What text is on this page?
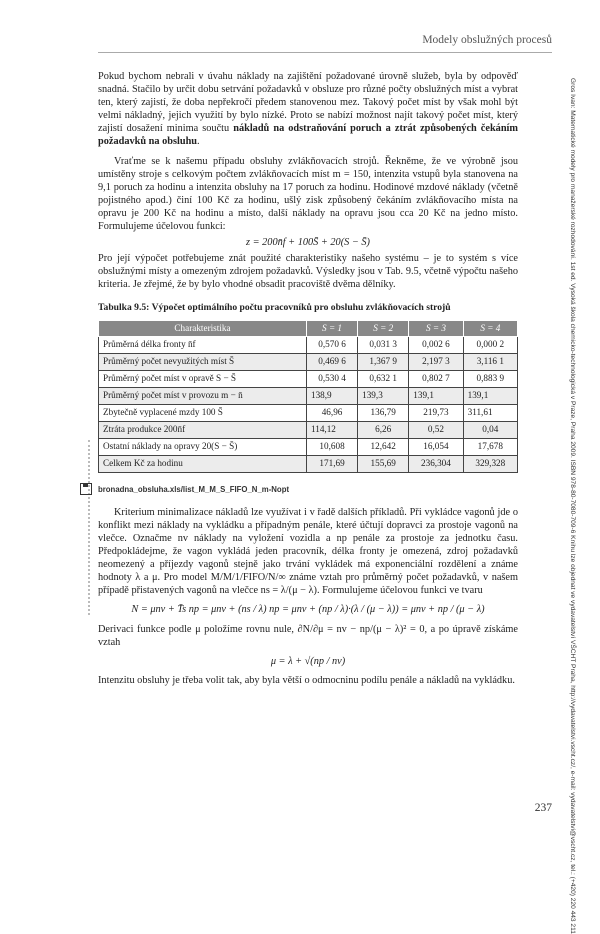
Modely obslužných procesů
Gros Ivan: Matematické modely pro manažerské rozhodování. 1st ed. Vysoká škola chemicko-technologická v Praze, Praha 2009. ISBN 978-80-7080-709-6 Knihu lze objednat ve vydavatelství VŠCHT Praha, http://vydavatelstvi.vscht.cz/, e-mail: vydavatelstvi@vscht.cz, tel.: (+420) 220 443 211

Pokud bychom nebrali v úvahu náklady na zajištění požadované úrovně služeb, byla by odpověď snadná. Stačilo by určit dobu setrvání požadavků v obsluze pro různé počty obslužných míst a vybrat ten, který zajistí, že doba nepřekročí předem stanovenou mez. Takový počet míst by však mohl být velmi nákladný, jejich využití by bylo nízké. Proto se nabízí možnost najít takový počet míst, který zajistí dosažení minima součtu nákladů na odstraňování poruch a ztrát způsobených čekáním požadavků na obsluhu.

Vraťme se k našemu případu obsluhy zvlákňovacích strojů. Řekněme, že ve výrobně jsou umístěny stroje s celkovým počtem zvlákňovacích míst m = 150, intenzita vstupů byla stanovena na 9,1 poruch za hodinu a intenzita obsluhy na 17 poruch za hodinu. Hodinové mzdové náklady (včetně pojistného apod.) činí 100 Kč za hodinu, ušlý zisk způsobený čekáním zvlákňovacího místa na opravu je 200 Kč na hodinu a místo, další náklady na opravu jsou cca 20 Kč na jedno místo. Formulujeme účelovou funkci:

z = 200n̄f + 100S̄ + 20(S − S̄)

Pro její výpočet potřebujeme znát použité charakteristiky našeho systému – je to systém s více obslužnými místy a omezeným zdrojem požadavků. Výsledky jsou v Tab. 9.5, včetně výpočtu našeho kriteria. Je zřejmé, že by bylo vhodné obsadit pracoviště dvěma dělníky.

Tabulka 9.5: Výpočet optimálního počtu pracovníků pro obsluhu zvlákňovacích strojů
Charakteristika	S = 1	S = 2	S = 3	S = 4
Průměrná délka fronty n̄f	0,570 6	0,031 3	0,002 6	0,000 2
Průměrný počet nevyužitých míst S̄	0,469 6	1,367 9	2,197 3	3,116 1
Průměrný počet míst v opravě S − S̄	0,530 4	0,632 1	0,802 7	0,883 9
Průměrný počet míst v provozu m − n̄	138,9	139,3	139,1	139,1
Zbytečně vyplacené mzdy 100 S̄	46,96	136,79	219,73	311,61
Ztráta produkce 200n̄f	114,12	6,26	0,52	0,04
Ostatní náklady na opravy 20(S − S̄)	10,608	12,642	16,054	17,678
Celkem Kč za hodinu	171,69	155,69	236,304	329,328
bronadna_obsluha.xls/list_M_M_S_FIFO_N_m-Nopt

Kriterium minimalizace nákladů lze využívat i v řadě dalších příkladů. Při vykládce vagonů jde o konflikt mezi náklady na vykládku a případným penále, které účtují dopravci za prostoje vagonů na vlečce. Označme nv náklady na vyložení vozidla a np penále za prostoje za jednotku času. Předpokládejme, že vagon vykládá jeden pracovník, délka fronty je omezená, zdroj požadavků neomezený a příjezdy vagonů stejně jako trvání vykládek má exponenciální rozdělení a známe hodnoty λ a μ. Pro model M/M/1/FIFO/N/∞ známe vztah pro průměrný počet požadavků, v našem případě přistavených vagonů na vlečce ns = λ/(μ − λ). Formulujeme účelovou funkci ve tvaru

N = μnv + T̄s np = μnv + (ns / λ) np = μnv + (np / λ)·(λ / (μ − λ)) = μnv + np / (μ − λ)

Derivaci funkce podle μ položíme rovnu nule, ∂N/∂μ = nv − np/(μ − λ)² = 0, a po úpravě získáme vztah

μ = λ + √(np / nv)

Intenzitu obsluhy je třeba volit tak, aby byla větší o odmocninu podílu penále a nákladů na vykládku.

237
